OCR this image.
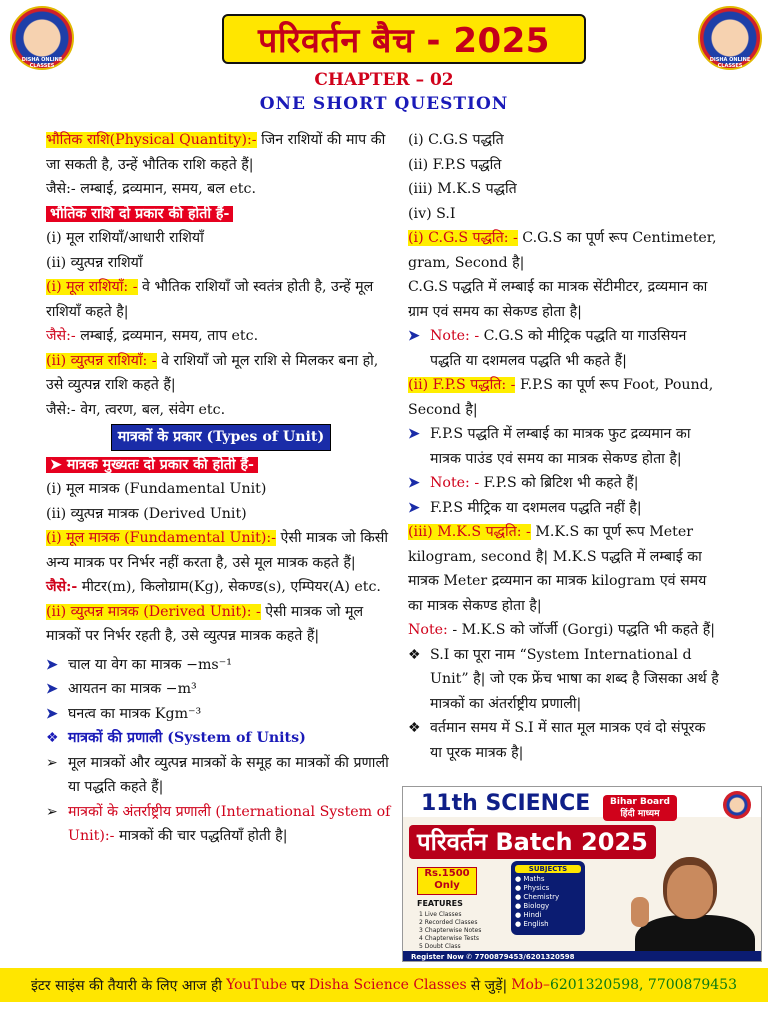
DISHA ONLINE CLASSES
परिवर्तन बैच - 2025	DISHA ONLINE CLASSES
CHAPTER – 02
ONE SHORT QUESTION

भौतिक राशि(Physical Quantity):- जिन राशियों की माप की जा सकती है, उन्हें भौतिक राशि कहते हैं|

जैसे:- लम्बाई, द्रव्यमान, समय, बल etc.

भौतिक राशि दो प्रकार की होती हैं-

(i) मूल राशियाँ/आधारी राशियाँ

(ii) व्युत्पन्न राशियाँ

(i) मूल राशियाँ: - वे भौतिक राशियाँ जो स्वतंत्र होती है, उन्हें मूल राशियाँ कहते है|

जैसे:- लम्बाई, द्रव्यमान, समय, ताप etc.

(ii) व्युत्पन्न राशियाँ: - वे राशियाँ जो मूल राशि से मिलकर बना हो, उसे व्युत्पन्न राशि कहते हैं|

जैसे:- वेग, त्वरण, बल, संवेग etc.

मात्रकों के प्रकार (Types of Unit)

➤ मात्रक मुख्यतः दो प्रकार की होती हैं-

(i) मूल मात्रक (Fundamental Unit)

(ii) व्युत्पन्न मात्रक (Derived Unit)

(i) मूल मात्रक (Fundamental Unit):- ऐसी मात्रक जो किसी अन्य मात्रक पर निर्भर नहीं करता है, उसे मूल मात्रक कहते हैं|

जैसे:- मीटर(m), किलोग्राम(Kg), सेकण्ड(s), एम्पियर(A) etc.

(ii) व्युत्पन्न मात्रक (Derived Unit): - ऐसी मात्रक जो मूल मात्रकों पर निर्भर रहती है, उसे व्युत्पन्न मात्रक कहते हैं|

➤ चाल या वेग का मात्रक −ms⁻¹
➤ आयतन का मात्रक −m³
➤ घनत्व का मात्रक Kgm⁻³
❖ मात्रकों की प्रणाली (System of Units)
➢ मूल मात्रकों और व्युत्पन्न मात्रकों के समूह का मात्रकों की प्रणाली या पद्धति कहते हैं|
➢ मात्रकों के अंतर्राष्ट्रीय प्रणाली (International System of Unit):- मात्रकों की चार पद्धतियाँ होती है|

(i) C.G.S पद्धति

(ii) F.P.S पद्धति

(iii) M.K.S पद्धति

(iv) S.I

(i) C.G.S पद्धति: - C.G.S का पूर्ण रूप Centimeter, gram, Second है|

C.G.S पद्धति में लम्बाई का मात्रक सेंटीमीटर, द्रव्यमान का ग्राम एवं समय का सेकण्ड होता है|

➤ Note: - C.G.S को मीट्रिक पद्धति या गाउसियन पद्धति या दशमलव पद्धति भी कहते हैं|

(ii) F.P.S पद्धति: - F.P.S का पूर्ण रूप Foot, Pound, Second है|

➤ F.P.S पद्धति में लम्बाई का मात्रक फुट द्रव्यमान का मात्रक पाउंड एवं समय का मात्रक सेकण्ड होता है|
➤ Note: - F.P.S को ब्रिटिश भी कहते हैं|
➤ F.P.S मीट्रिक या दशमलव पद्धति नहीं है|

(iii) M.K.S पद्धति: - M.K.S का पूर्ण रूप Meter kilogram, second है| M.K.S पद्धति में लम्बाई का मात्रक Meter द्रव्यमान का मात्रक kilogram एवं समय का मात्रक सेकण्ड होता है|

Note: - M.K.S को जॉर्जी (Gorgi) पद्धति भी कहते हैं|

❖ S.I का पूरा नाम “System International d Unit” है| जो एक फ्रेंच भाषा का शब्द है जिसका अर्थ है मात्रकों का अंतर्राष्ट्रीय प्रणाली|
❖ वर्तमान समय में S.I में सात मूल मात्रक एवं दो संपूरक या पूरक मात्रक है|
11th SCIENCE	Bihar Board हिंदी माध्यम
परिवर्तन Batch 2025
Rs.1500 Only
FEATURES
1 Live Classes
2 Recorded Classes
3 Chapterwise Notes
4 Chapterwise Tests
5 Doubt Class
SUBJECTS
● Maths
● Physics
● Chemistry
● Biology
● Hindi
● English
Register Now ✆ 7700879453/6201320598
इंटर साइंस की तैयारी के लिए आज ही YouTube पर Disha Science Classes से जुड़ें| Mob– 6201320598, 7700879453
